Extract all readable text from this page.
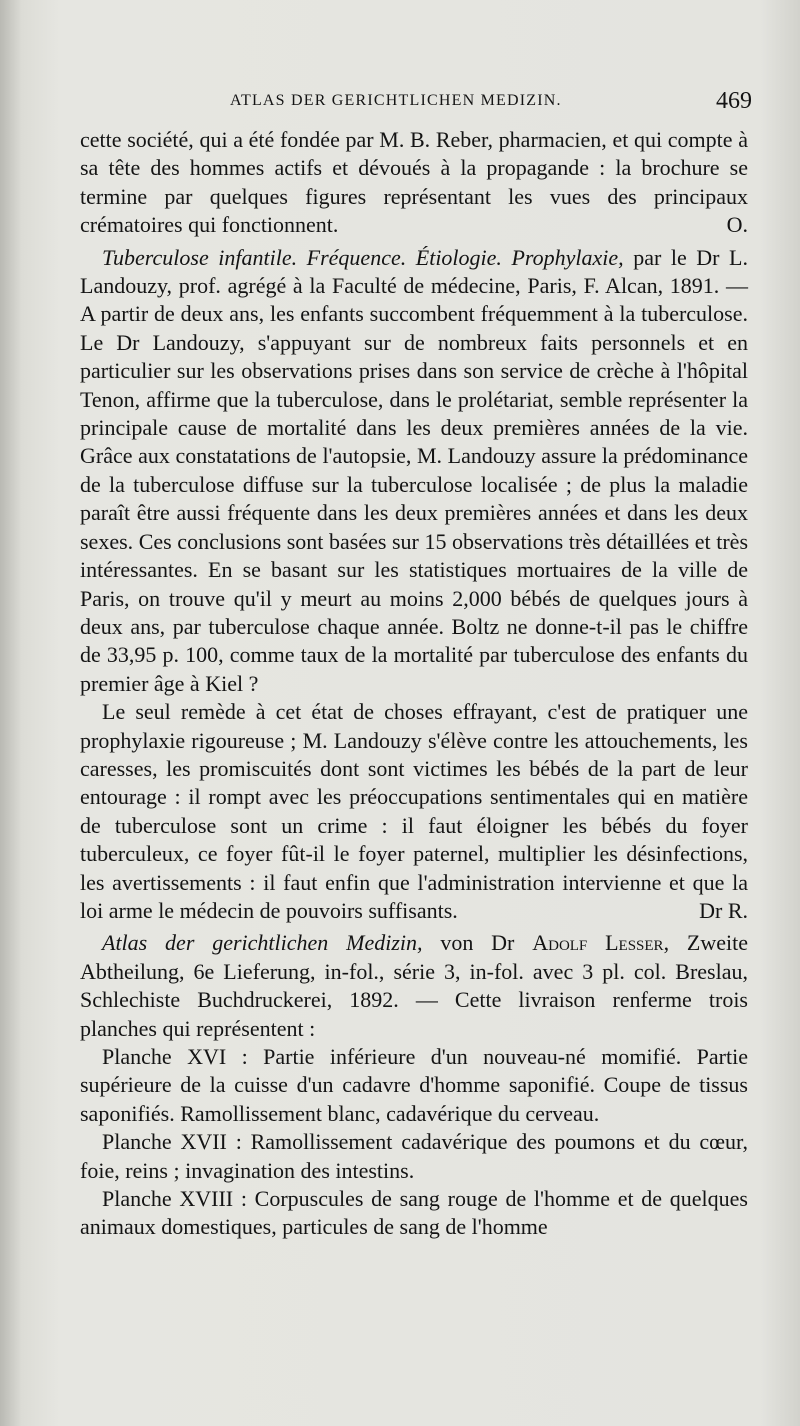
ATLAS DER GERICHTLICHEN MEDIZIN.	469

cette société, qui a été fondée par M. B. Reber, pharmacien, et qui compte à sa tête des hommes actifs et dévoués à la propagande : la brochure se termine par quelques figures représentant les vues des principaux crématoires qui fonctionnent.	O.

Tuberculose infantile. Fréquence. Étiologie. Prophylaxie, par le Dr L. Landouzy, prof. agrégé à la Faculté de médecine, Paris, F. Alcan, 1891. — A partir de deux ans, les enfants succombent fréquemment à la tuberculose. Le Dr Landouzy, s'appuyant sur de nombreux faits personnels et en particulier sur les observations prises dans son service de crèche à l'hôpital Tenon, affirme que la tuberculose, dans le prolétariat, semble représenter la principale cause de mortalité dans les deux premières années de la vie. Grâce aux constatations de l'autopsie, M. Landouzy assure la prédominance de la tuberculose diffuse sur la tuberculose localisée ; de plus la maladie paraît être aussi fréquente dans les deux premières années et dans les deux sexes. Ces conclusions sont basées sur 15 observations très détaillées et très intéressantes. En se basant sur les statistiques mortuaires de la ville de Paris, on trouve qu'il y meurt au moins 2,000 bébés de quelques jours à deux ans, par tuberculose chaque année. Boltz ne donne-t-il pas le chiffre de 33,95 p. 100, comme taux de la mortalité par tuberculose des enfants du premier âge à Kiel ?

Le seul remède à cet état de choses effrayant, c'est de pratiquer une prophylaxie rigoureuse ; M. Landouzy s'élève contre les attouchements, les caresses, les promiscuités dont sont victimes les bébés de la part de leur entourage : il rompt avec les préoccupations sentimentales qui en matière de tuberculose sont un crime : il faut éloigner les bébés du foyer tuberculeux, ce foyer fût-il le foyer paternel, multiplier les désinfections, les avertissements : il faut enfin que l'administration intervienne et que la loi arme le médecin de pouvoirs suffisants.	Dr R.

Atlas der gerichtlichen Medizin, von Dr Adolf Lesser, Zweite Abtheilung, 6e Lieferung, in-fol., série 3, in-fol. avec 3 pl. col. Breslau, Schlechiste Buchdruckerei, 1892. — Cette livraison renferme trois planches qui représentent :

Planche XVI : Partie inférieure d'un nouveau-né momifié. Partie supérieure de la cuisse d'un cadavre d'homme saponifié. Coupe de tissus saponifiés. Ramollissement blanc, cadavérique du cerveau.

Planche XVII : Ramollissement cadavérique des poumons et du cœur, foie, reins ; invagination des intestins.

Planche XVIII : Corpuscules de sang rouge de l'homme et de quelques animaux domestiques, particules de sang de l'homme
